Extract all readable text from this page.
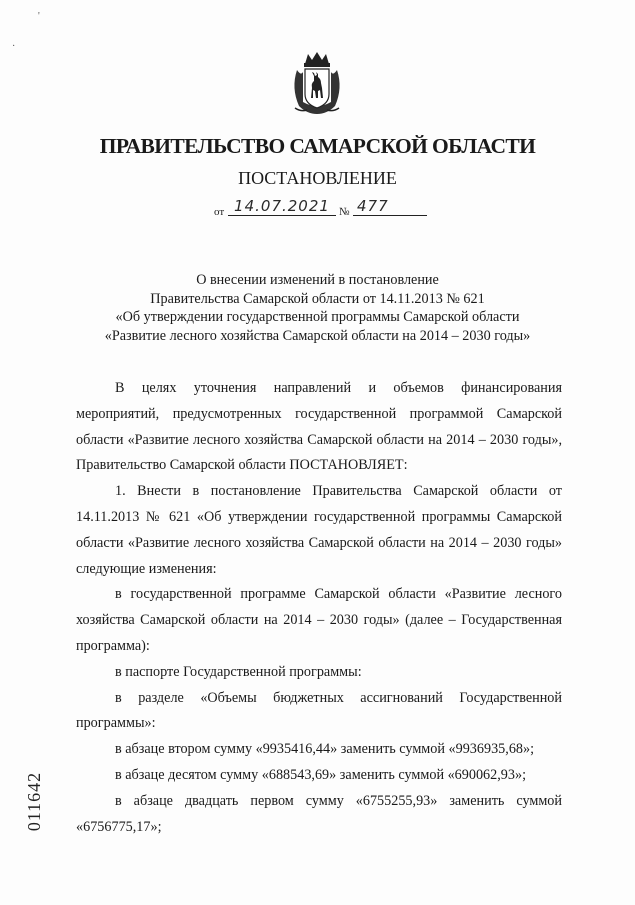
'
·
ПРАВИТЕЛЬСТВО САМАРСКОЙ ОБЛАСТИ
ПОСТАНОВЛЕНИЕ
от 14.07.2021 № 477
О внесении изменений в постановление
Правительства Самарской области от 14.11.2013 № 621
«Об утверждении государственной программы Самарской области
«Развитие лесного хозяйства Самарской области на 2014 – 2030 годы»

В целях уточнения направлений и объемов финансирования мероприятий, предусмотренных государственной программой Самарской области «Развитие лесного хозяйства Самарской области на 2014 – 2030 годы», Правительство Самарской области ПОСТАНОВЛЯЕТ:

1. Внести в постановление Правительства Самарской области от 14.11.2013 № 621 «Об утверждении государственной программы Самарской области «Развитие лесного хозяйства Самарской области на 2014 – 2030 годы» следующие изменения:

в государственной программе Самарской области «Развитие лесного хозяйства Самарской области на 2014 – 2030 годы» (далее – Государственная программа):

в паспорте Государственной программы:

в разделе «Объемы бюджетных ассигнований Государственной программы»:

в абзаце втором сумму «9935416,44» заменить суммой «9936935,68»;

в абзаце десятом сумму «688543,69» заменить суммой «690062,93»;

в абзаце двадцать первом сумму «6755255,93» заменить суммой «6756775,17»;

011642
